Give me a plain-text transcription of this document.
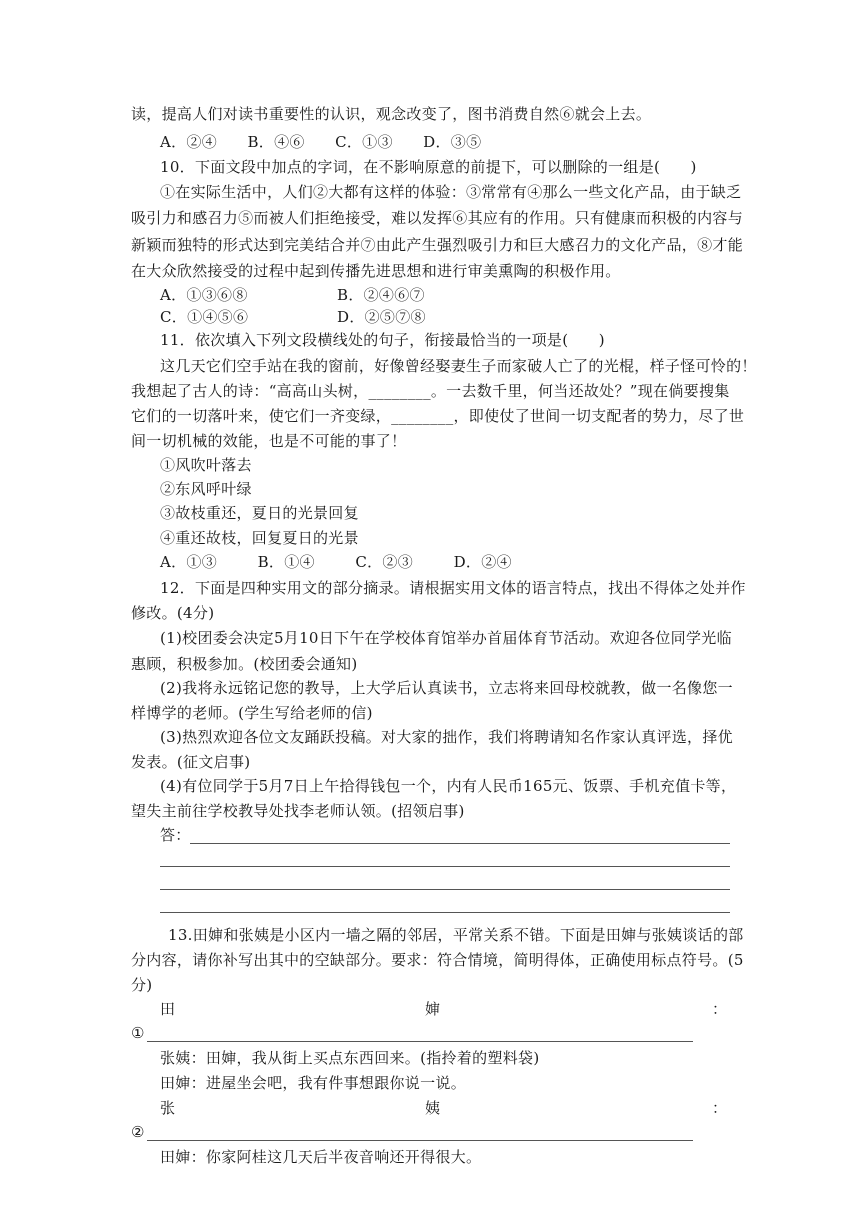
读，提高人们对读书重要性的认识，观念改变了，图书消费自然⑥就会上去。
A．②④      B．④⑥      C．①③      D．③⑤
10．下面文段中加点的字词，在不影响原意的前提下，可以删除的一组是(      )
①在实际生活中，人们②大都有这样的体验：③常常有④那么一些文化产品，由于缺乏
吸引力和感召力⑤而被人们拒绝接受，难以发挥⑥其应有的作用。只有健康而积极的内容与
新颖而独特的形式达到完美结合并⑦由此产生强烈吸引力和巨大感召力的文化产品，⑧才能
在大众欣然接受的过程中起到传播先进思想和进行审美熏陶的积极作用。
A．①③⑥⑧	B．②④⑥⑦
C．①④⑤⑥	D．②⑤⑦⑧
11．依次填入下列文段横线处的句子，衔接最恰当的一项是(      )
这几天它们空手站在我的窗前，好像曾经娶妻生子而家破人亡了的光棍，样子怪可怜的！
我想起了古人的诗：“高高山头树，________。一去数千里，何当还故处？”现在倘要搜集
它们的一切落叶来，使它们一齐变绿，________，即使仗了世间一切支配者的势力，尽了世
间一切机械的效能，也是不可能的事了！
①风吹叶落去
②东风呼叶绿
③故枝重还，夏日的光景回复
④重还故枝，回复夏日的光景
A．①③        B．①④        C．②③        D．②④
12．下面是四种实用文的部分摘录。请根据实用文体的语言特点，找出不得体之处并作
修改。(4分)
(1)校团委会决定5月10日下午在学校体育馆举办首届体育节活动。欢迎各位同学光临
惠顾，积极参加。(校团委会通知)
(2)我将永远铭记您的教导，上大学后认真读书，立志将来回母校就教，做一名像您一
样博学的老师。(学生写给老师的信)
(3)热烈欢迎各位文友踊跃投稿。对大家的拙作，我们将聘请知名作家认真评选，择优
发表。(征文启事)
(4)有位同学于5月7日上午拾得钱包一个，内有人民币165元、饭票、手机充值卡等，
望失主前往学校教导处找李老师认领。(招领启事)
答：
13.田婶和张姨是小区内一墙之隔的邻居，平常关系不错。下面是田婶与张姨谈话的部
分内容，请你补写出其中的空缺部分。要求：符合情境，简明得体，正确使用标点符号。(5
分)
田	婶	：
①
张姨：田婶，我从街上买点东西回来。(指拎着的塑料袋)
田婶：进屋坐会吧，我有件事想跟你说一说。
张	姨	：
②
田婶：你家阿桂这几天后半夜音响还开得很大。
